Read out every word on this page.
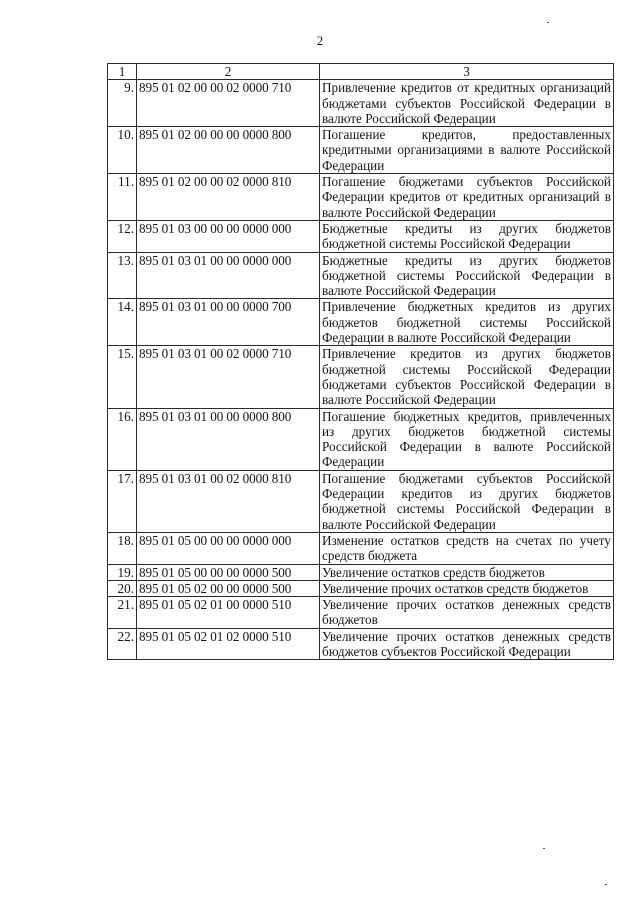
2
1	2	3
9.	895 01 02 00 00 02 0000 710	Привлечение кредитов от кредитных организаций бюджетами субъектов Российской Федерации в валюте Российской Федерации
10.	895 01 02 00 00 00 0000 800	Погашение кредитов, предоставленных кредитными организациями в валюте Российской Федерации
11.	895 01 02 00 00 02 0000 810	Погашение бюджетами субъектов Российской Федерации кредитов от кредитных организаций в валюте Российской Федерации
12.	895 01 03 00 00 00 0000 000	Бюджетные кредиты из других бюджетов бюджетной системы Российской Федерации
13.	895 01 03 01 00 00 0000 000	Бюджетные кредиты из других бюджетов бюджетной системы Российской Федерации в валюте Российской Федерации
14.	895 01 03 01 00 00 0000 700	Привлечение бюджетных кредитов из других бюджетов бюджетной системы Российской Федерации в валюте Российской Федерации
15.	895 01 03 01 00 02 0000 710	Привлечение кредитов из других бюджетов бюджетной системы Российской Федерации бюджетами субъектов Российской Федерации в валюте Российской Федерации
16.	895 01 03 01 00 00 0000 800	Погашение бюджетных кредитов, привлеченных из других бюджетов бюджетной системы Российской Федерации в валюте Российской Федерации
17.	895 01 03 01 00 02 0000 810	Погашение бюджетами субъектов Российской Федерации кредитов из других бюджетов бюджетной системы Российской Федерации в валюте Российской Федерации
18.	895 01 05 00 00 00 0000 000	Изменение остатков средств на счетах по учету средств бюджета
19.	895 01 05 00 00 00 0000 500	Увеличение остатков средств бюджетов
20.	895 01 05 02 00 00 0000 500	Увеличение прочих остатков средств бюджетов
21.	895 01 05 02 01 00 0000 510	Увеличение прочих остатков денежных средств бюджетов
22.	895 01 05 02 01 02 0000 510	Увеличение прочих остатков денежных средств бюджетов субъектов Российской Федерации
